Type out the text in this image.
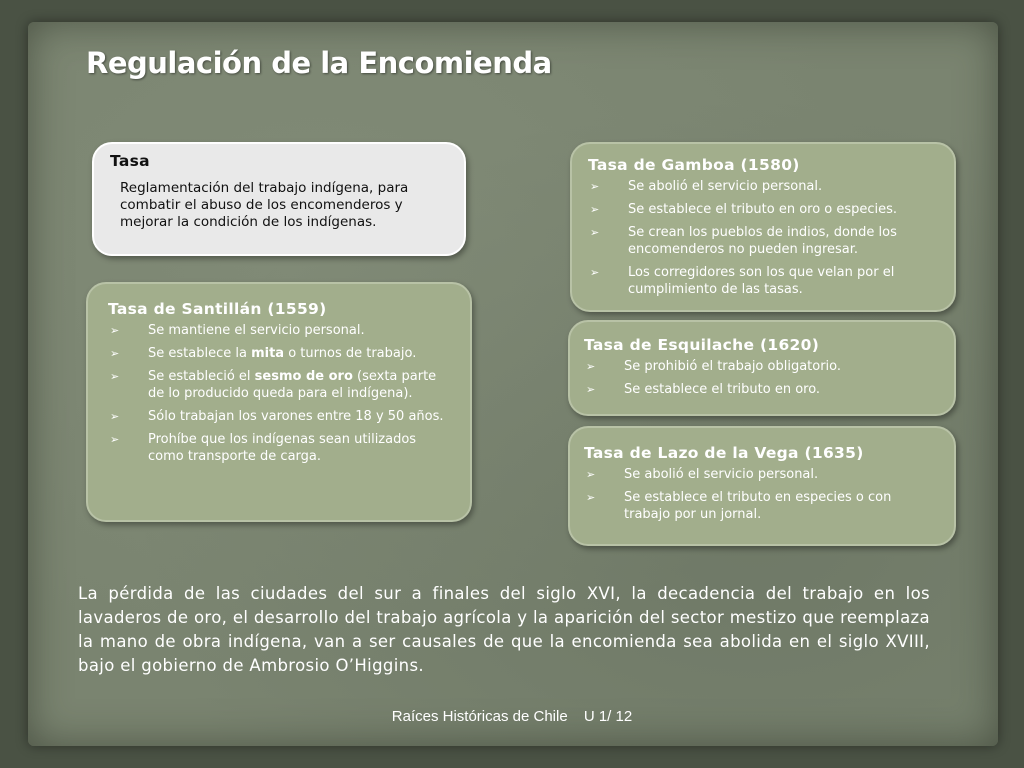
Regulación de la Encomienda
Tasa

Reglamentación del trabajo indígena, para combatir el abuso de los encomenderos y mejorar la condición de los indígenas.

Tasa de Santillán (1559)
➢ Se mantiene el servicio personal.
➢ Se establece la mita o turnos de trabajo.
➢ Se estableció el sesmo de oro (sexta parte de lo producido queda para el indígena).
➢ Sólo trabajan los varones entre 18 y 50 años.
➢ Prohíbe que los indígenas sean utilizados como transporte de carga.
Tasa de Gamboa (1580)
➢ Se abolió el servicio personal.
➢ Se establece el tributo en oro o especies.
➢ Se crean los pueblos de indios, donde los encomenderos no pueden ingresar.
➢ Los corregidores son los que velan por el cumplimiento de las tasas.
Tasa de Esquilache (1620)
➢ Se prohibió el trabajo obligatorio.
➢ Se establece el tributo en oro.
Tasa de Lazo de la Vega (1635)
➢ Se abolió el servicio personal.
➢ Se establece el tributo en especies o con trabajo por un jornal.

La pérdida de las ciudades del sur a finales del siglo XVI, la decadencia del trabajo en los lavaderos de oro, el desarrollo del trabajo agrícola y la aparición del sector mestizo que reemplaza la mano de obra indígena, van a ser causales de que la encomienda sea abolida en el siglo XVIII, bajo el gobierno de Ambrosio O’Higgins.

Raíces Históricas de Chile U 1/ 12
